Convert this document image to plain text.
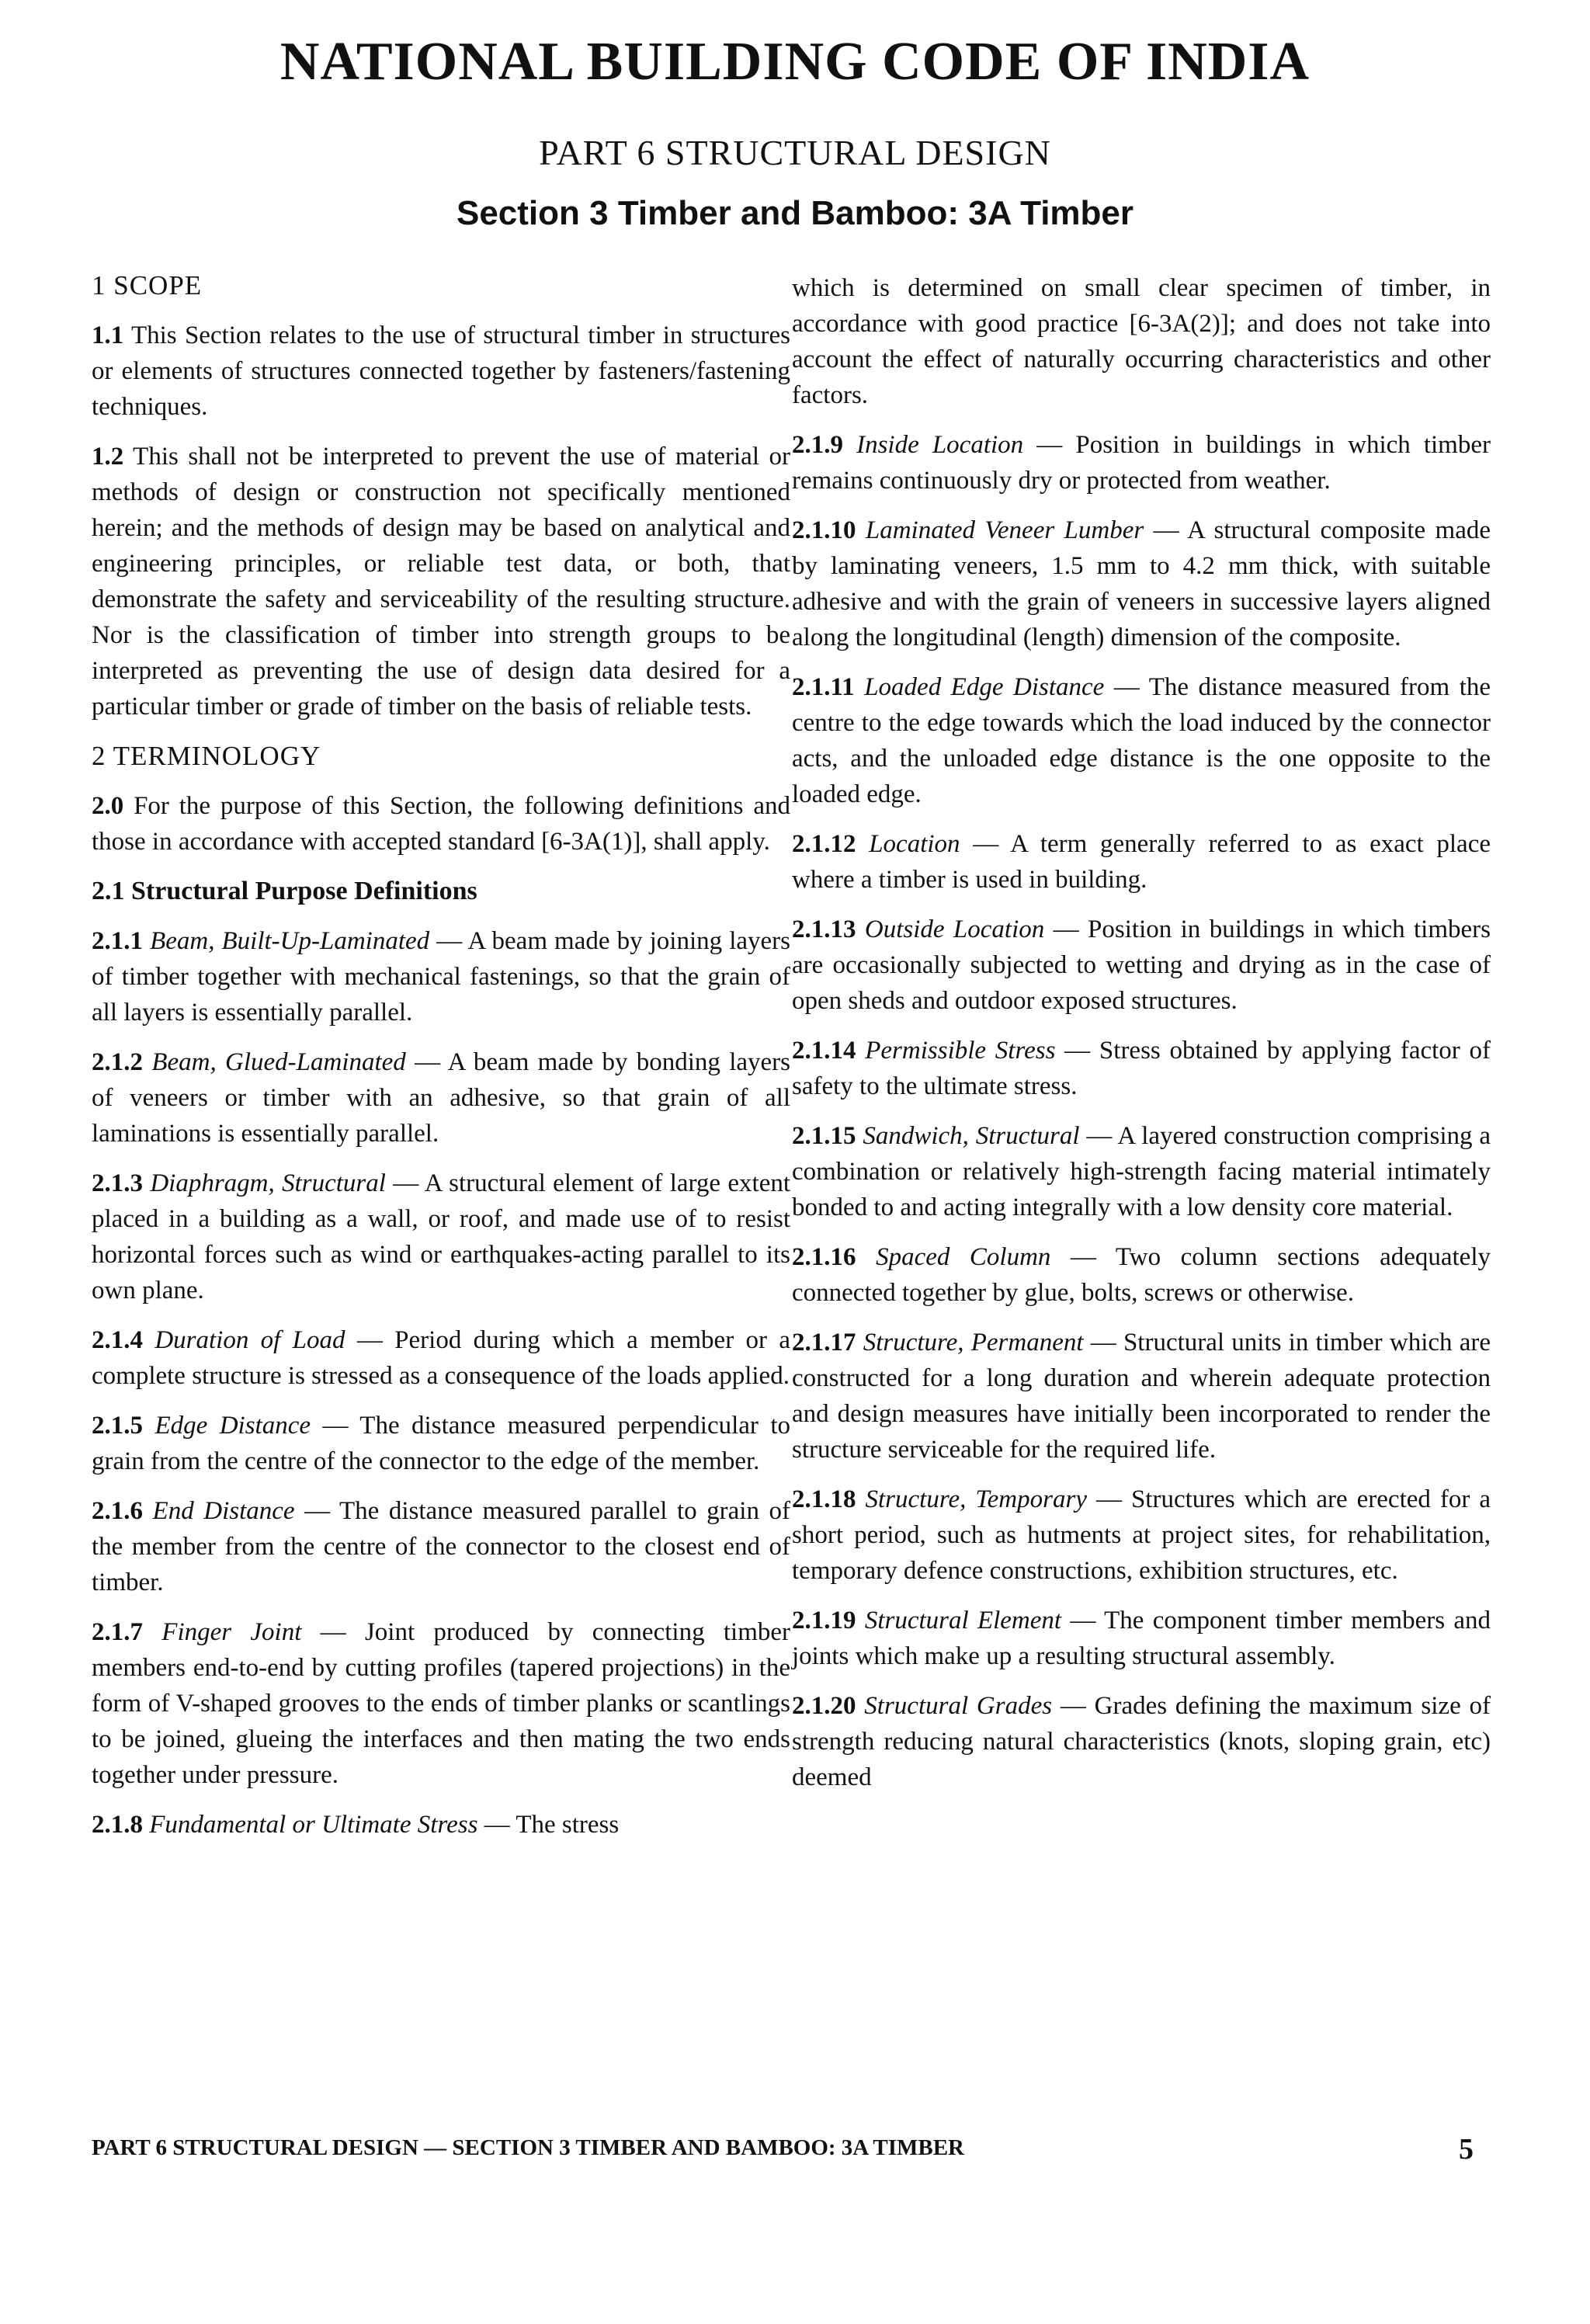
NATIONAL BUILDING CODE OF INDIA
PART 6 STRUCTURAL DESIGN
Section 3 Timber and Bamboo: 3A Timber
1 SCOPE

1.1 This Section relates to the use of structural timber in structures or elements of structures connected together by fasteners/fastening techniques.

1.2 This shall not be interpreted to prevent the use of material or methods of design or construction not specifically mentioned herein; and the methods of design may be based on analytical and engineering principles, or reliable test data, or both, that demonstrate the safety and serviceability of the resulting structure. Nor is the classification of timber into strength groups to be interpreted as preventing the use of design data desired for a particular timber or grade of timber on the basis of reliable tests.

2 TERMINOLOGY

2.0 For the purpose of this Section, the following definitions and those in accordance with accepted standard [6-3A(1)], shall apply.

2.1 Structural Purpose Definitions

2.1.1 Beam, Built-Up-Laminated — A beam made by joining layers of timber together with mechanical fastenings, so that the grain of all layers is essentially parallel.

2.1.2 Beam, Glued-Laminated — A beam made by bonding layers of veneers or timber with an adhesive, so that grain of all laminations is essentially parallel.

2.1.3 Diaphragm, Structural — A structural element of large extent placed in a building as a wall, or roof, and made use of to resist horizontal forces such as wind or earthquakes-acting parallel to its own plane.

2.1.4 Duration of Load — Period during which a member or a complete structure is stressed as a consequence of the loads applied.

2.1.5 Edge Distance — The distance measured perpendicular to grain from the centre of the connector to the edge of the member.

2.1.6 End Distance — The distance measured parallel to grain of the member from the centre of the connector to the closest end of timber.

2.1.7 Finger Joint — Joint produced by connecting timber members end-to-end by cutting profiles (tapered projections) in the form of V-shaped grooves to the ends of timber planks or scantlings to be joined, glueing the interfaces and then mating the two ends together under pressure.

2.1.8 Fundamental or Ultimate Stress — The stress

which is determined on small clear specimen of timber, in accordance with good practice [6-3A(2)]; and does not take into account the effect of naturally occurring characteristics and other factors.

2.1.9 Inside Location — Position in buildings in which timber remains continuously dry or protected from weather.

2.1.10 Laminated Veneer Lumber — A structural composite made by laminating veneers, 1.5 mm to 4.2 mm thick, with suitable adhesive and with the grain of veneers in successive layers aligned along the longitudinal (length) dimension of the composite.

2.1.11 Loaded Edge Distance — The distance measured from the centre to the edge towards which the load induced by the connector acts, and the unloaded edge distance is the one opposite to the loaded edge.

2.1.12 Location — A term generally referred to as exact place where a timber is used in building.

2.1.13 Outside Location — Position in buildings in which timbers are occasionally subjected to wetting and drying as in the case of open sheds and outdoor exposed structures.

2.1.14 Permissible Stress — Stress obtained by applying factor of safety to the ultimate stress.

2.1.15 Sandwich, Structural — A layered construction comprising a combination or relatively high-strength facing material intimately bonded to and acting integrally with a low density core material.

2.1.16 Spaced Column — Two column sections adequately connected together by glue, bolts, screws or otherwise.

2.1.17 Structure, Permanent — Structural units in timber which are constructed for a long duration and wherein adequate protection and design measures have initially been incorporated to render the structure serviceable for the required life.

2.1.18 Structure, Temporary — Structures which are erected for a short period, such as hutments at project sites, for rehabilitation, temporary defence constructions, exhibition structures, etc.

2.1.19 Structural Element — The component timber members and joints which make up a resulting structural assembly.

2.1.20 Structural Grades — Grades defining the maximum size of strength reducing natural characteristics (knots, sloping grain, etc) deemed

PART 6 STRUCTURAL DESIGN — SECTION 3 TIMBER AND BAMBOO: 3A TIMBER	5
